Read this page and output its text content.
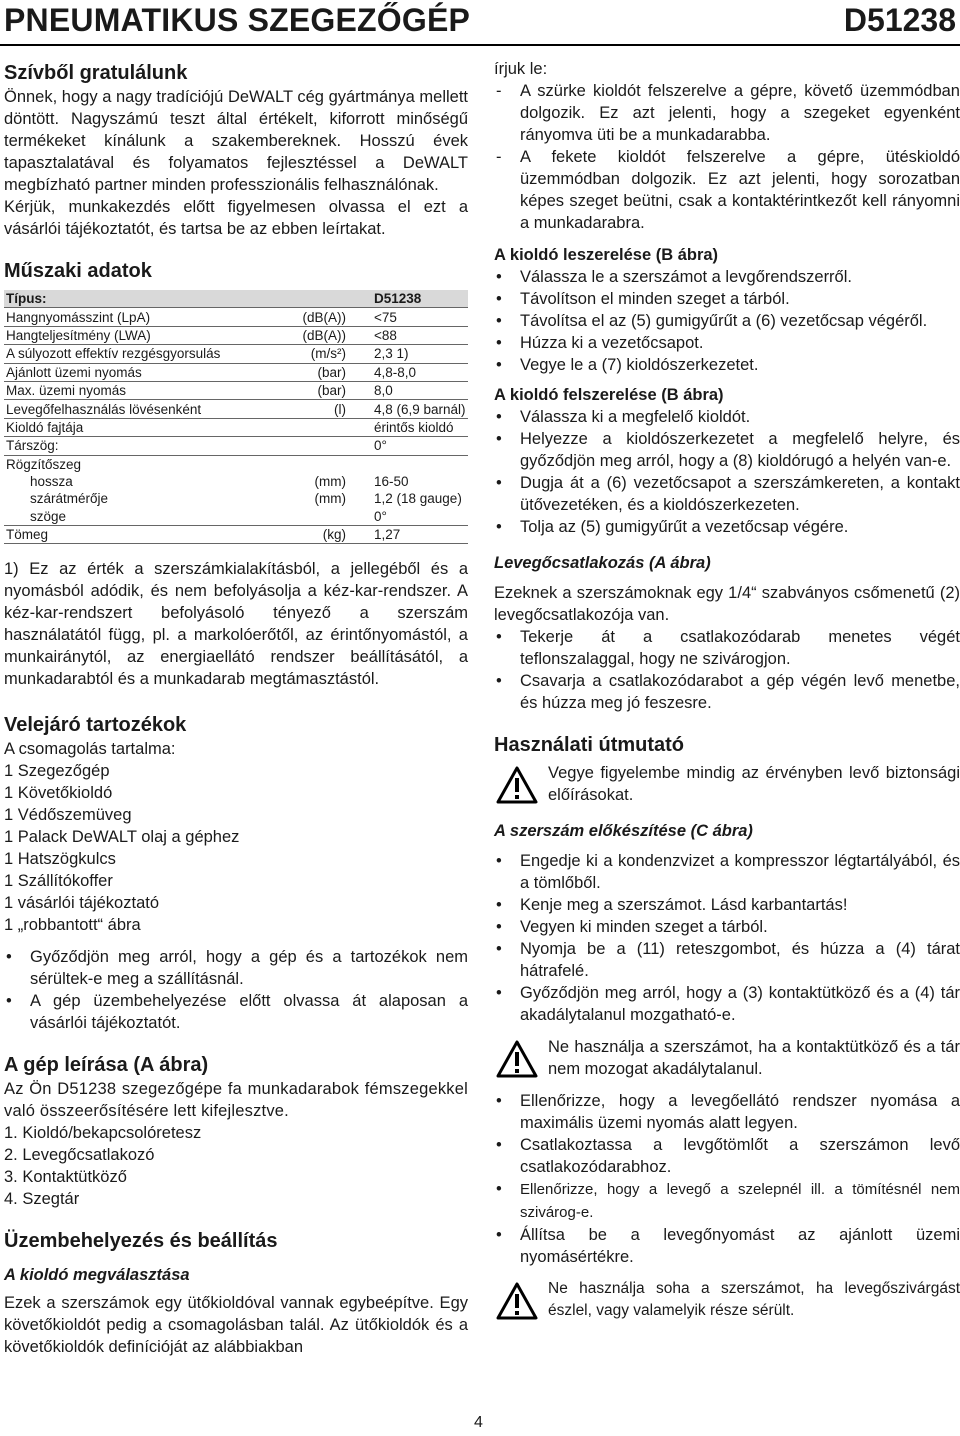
PNEUMATIKUS SZEGEZŐGÉP	D51238
Szívből gratulálunk

Önnek, hogy a nagy tradíciójú DeWALT cég gyártmánya mellett döntött. Nagyszámú teszt által értékelt, kiforrott minőségű termékeket kínálunk a szakembereknek. Hosszú évek tapasztalatával és folyamatos fejlesztéssel a DeWALT megbízható partner minden professzionális felhasználónak.

Kérjük, munkakezdés előtt figyelmesen olvassa el ezt a vásárlói tájékoztatót, és tartsa be az ebben leírtakat.

Műszaki adatok
Típus:		D51238
Hangnyomásszint (LpA)	(dB(A))	<75
Hangteljesítmény (LWA)	(dB(A))	<88
A súlyozott effektív rezgésgyorsulás	(m/s²)	2,3 1)
Ajánlott üzemi nyomás	(bar)	4,8-8,0
Max. üzemi nyomás	(bar)	8,0
Levegőfelhasználás lövésenként	(l)	4,8 (6,9 barnál)
Kioldó fajtája		érintős kioldó
Társzög:		0°
Rögzítőszeg		
hossza	(mm)	16-50
szárátmérője	(mm)	1,2 (18 gauge)
szöge		0°
Tömeg	(kg)	1,27

1) Ez az érték a szerszámkialakításból, a jellegéből és a nyomásból adódik, és nem befolyásolja a kéz-kar-rendszer. A kéz-kar-rendszert befolyásoló tényező a szerszám használatától függ, pl. a markolóerőtől, az érintőnyomástól, a munkairánytól, az energiaellátó rendszer beállításától, a munkadarabtól és a munkadarab megtámasztástól.

Velejáró tartozékok

A csomagolás tartalma:

1 Szegezőgép
1 Követőkioldó
1 Védőszemüveg
1 Palack DeWALT olaj a géphez
1 Hatszögkulcs
1 Szállítókoffer
1 vásárlói tájékoztató
1 „robbantott“ ábra
• Győződjön meg arról, hogy a gép és a tartozékok nem sérültek-e meg a szállításnál.
• A gép üzembehelyezése előtt olvassa át alaposan a vásárlói tájékoztatót.
A gép leírása (A ábra)

Az Ön D51238 szegezőgépe fa munkadarabok fémszegekkel való összeerősítésére lett kifejlesztve.

1. Kioldó/bekapcsolóretesz
2. Levegőcsatlakozó
3. Kontaktütköző
4. Szegtár
Üzembehelyezés és beállítás
A kioldó megválasztása

Ezek a szerszámok egy ütőkioldóval vannak egybeépítve. Egy követőkioldót pedig a csomagolásban talál. Az ütőkioldók és a követőkioldók definícióját az alábbiakban

írjuk le:

- A szürke kioldót felszerelve a gépre, követő üzemmódban dolgozik. Ez azt jelenti, hogy a szegeket egyenként rányomva üti be a munkadarabba.
- A fekete kioldót felszerelve a gépre, ütéskioldó üzemmódban dolgozik. Ez azt jelenti, hogy sorozatban képes szeget beütni, csak a kontaktérintkezőt kell rányomni a munkadarabra.
A kioldó leszerelése (B ábra)
• Válassza le a szerszámot a levgőrendszerről.
• Távolítson el minden szeget a tárból.
• Távolítsa el az (5) gumigyűrűt a (6) vezetőcsap végéről.
• Húzza ki a vezetőcsapot.
• Vegye le a (7) kioldószerkezetet.
A kioldó felszerelése (B ábra)
• Válassza ki a megfelelő kioldót.
• Helyezze a kioldószerkezetet a megfelelő helyre, és győződjön meg arról, hogy a (8) kioldórugó a helyén van-e.
• Dugja át a (6) vezetőcsapot a szerszámkereten, a kontakt ütővezetéken, és a kioldószerkezeten.
• Tolja az (5) gumigyűrűt a vezetőcsap végére.
Levegőcsatlakozás (A ábra)

Ezeknek a szerszámoknak egy 1/4“ szabványos csőmenetű (2) levegőcsatlakozója van.

• Tekerje át a csatlakozódarab menetes végét teflonszalaggal, hogy ne szivárogjon.
• Csavarja a csatlakozódarabot a gép végén levő menetbe, és húzza meg jó feszesre.
Használati útmutató

Vegye figyelembe mindig az érvényben levő biztonsági előírásokat.

A szerszám előkészítése (C ábra)
• Engedje ki a kondenzvizet a kompresszor légtartályából, és a tömlőből.
• Kenje meg a szerszámot. Lásd karbantartás!
• Vegyen ki minden szeget a tárból.
• Nyomja be a (11) reteszgombot, és húzza a (4) tárat hátrafelé.
• Győződjön meg arról, hogy a (3) kontaktütköző és a (4) tár akadálytalanul mozgatható-e.

Ne használja a szerszámot, ha a kontaktütköző és a tár nem mozogat akadálytalanul.

• Ellenőrizze, hogy a levegőellátó rendszer nyomása a maximális üzemi nyomás alatt legyen.
• Csatlakoztassa a levgőtömlőt a szerszámon levő csatlakozódarabhoz.
• Ellenőrizze, hogy a levegő a szelepnél ill. a tömítésnél nem szivárog-e.
• Állítsa be a levegőnyomást az ajánlott üzemi nyomásértékre.

Ne használja soha a szerszámot, ha levegőszivárgást észlel, vagy valamelyik része sérült.

4
